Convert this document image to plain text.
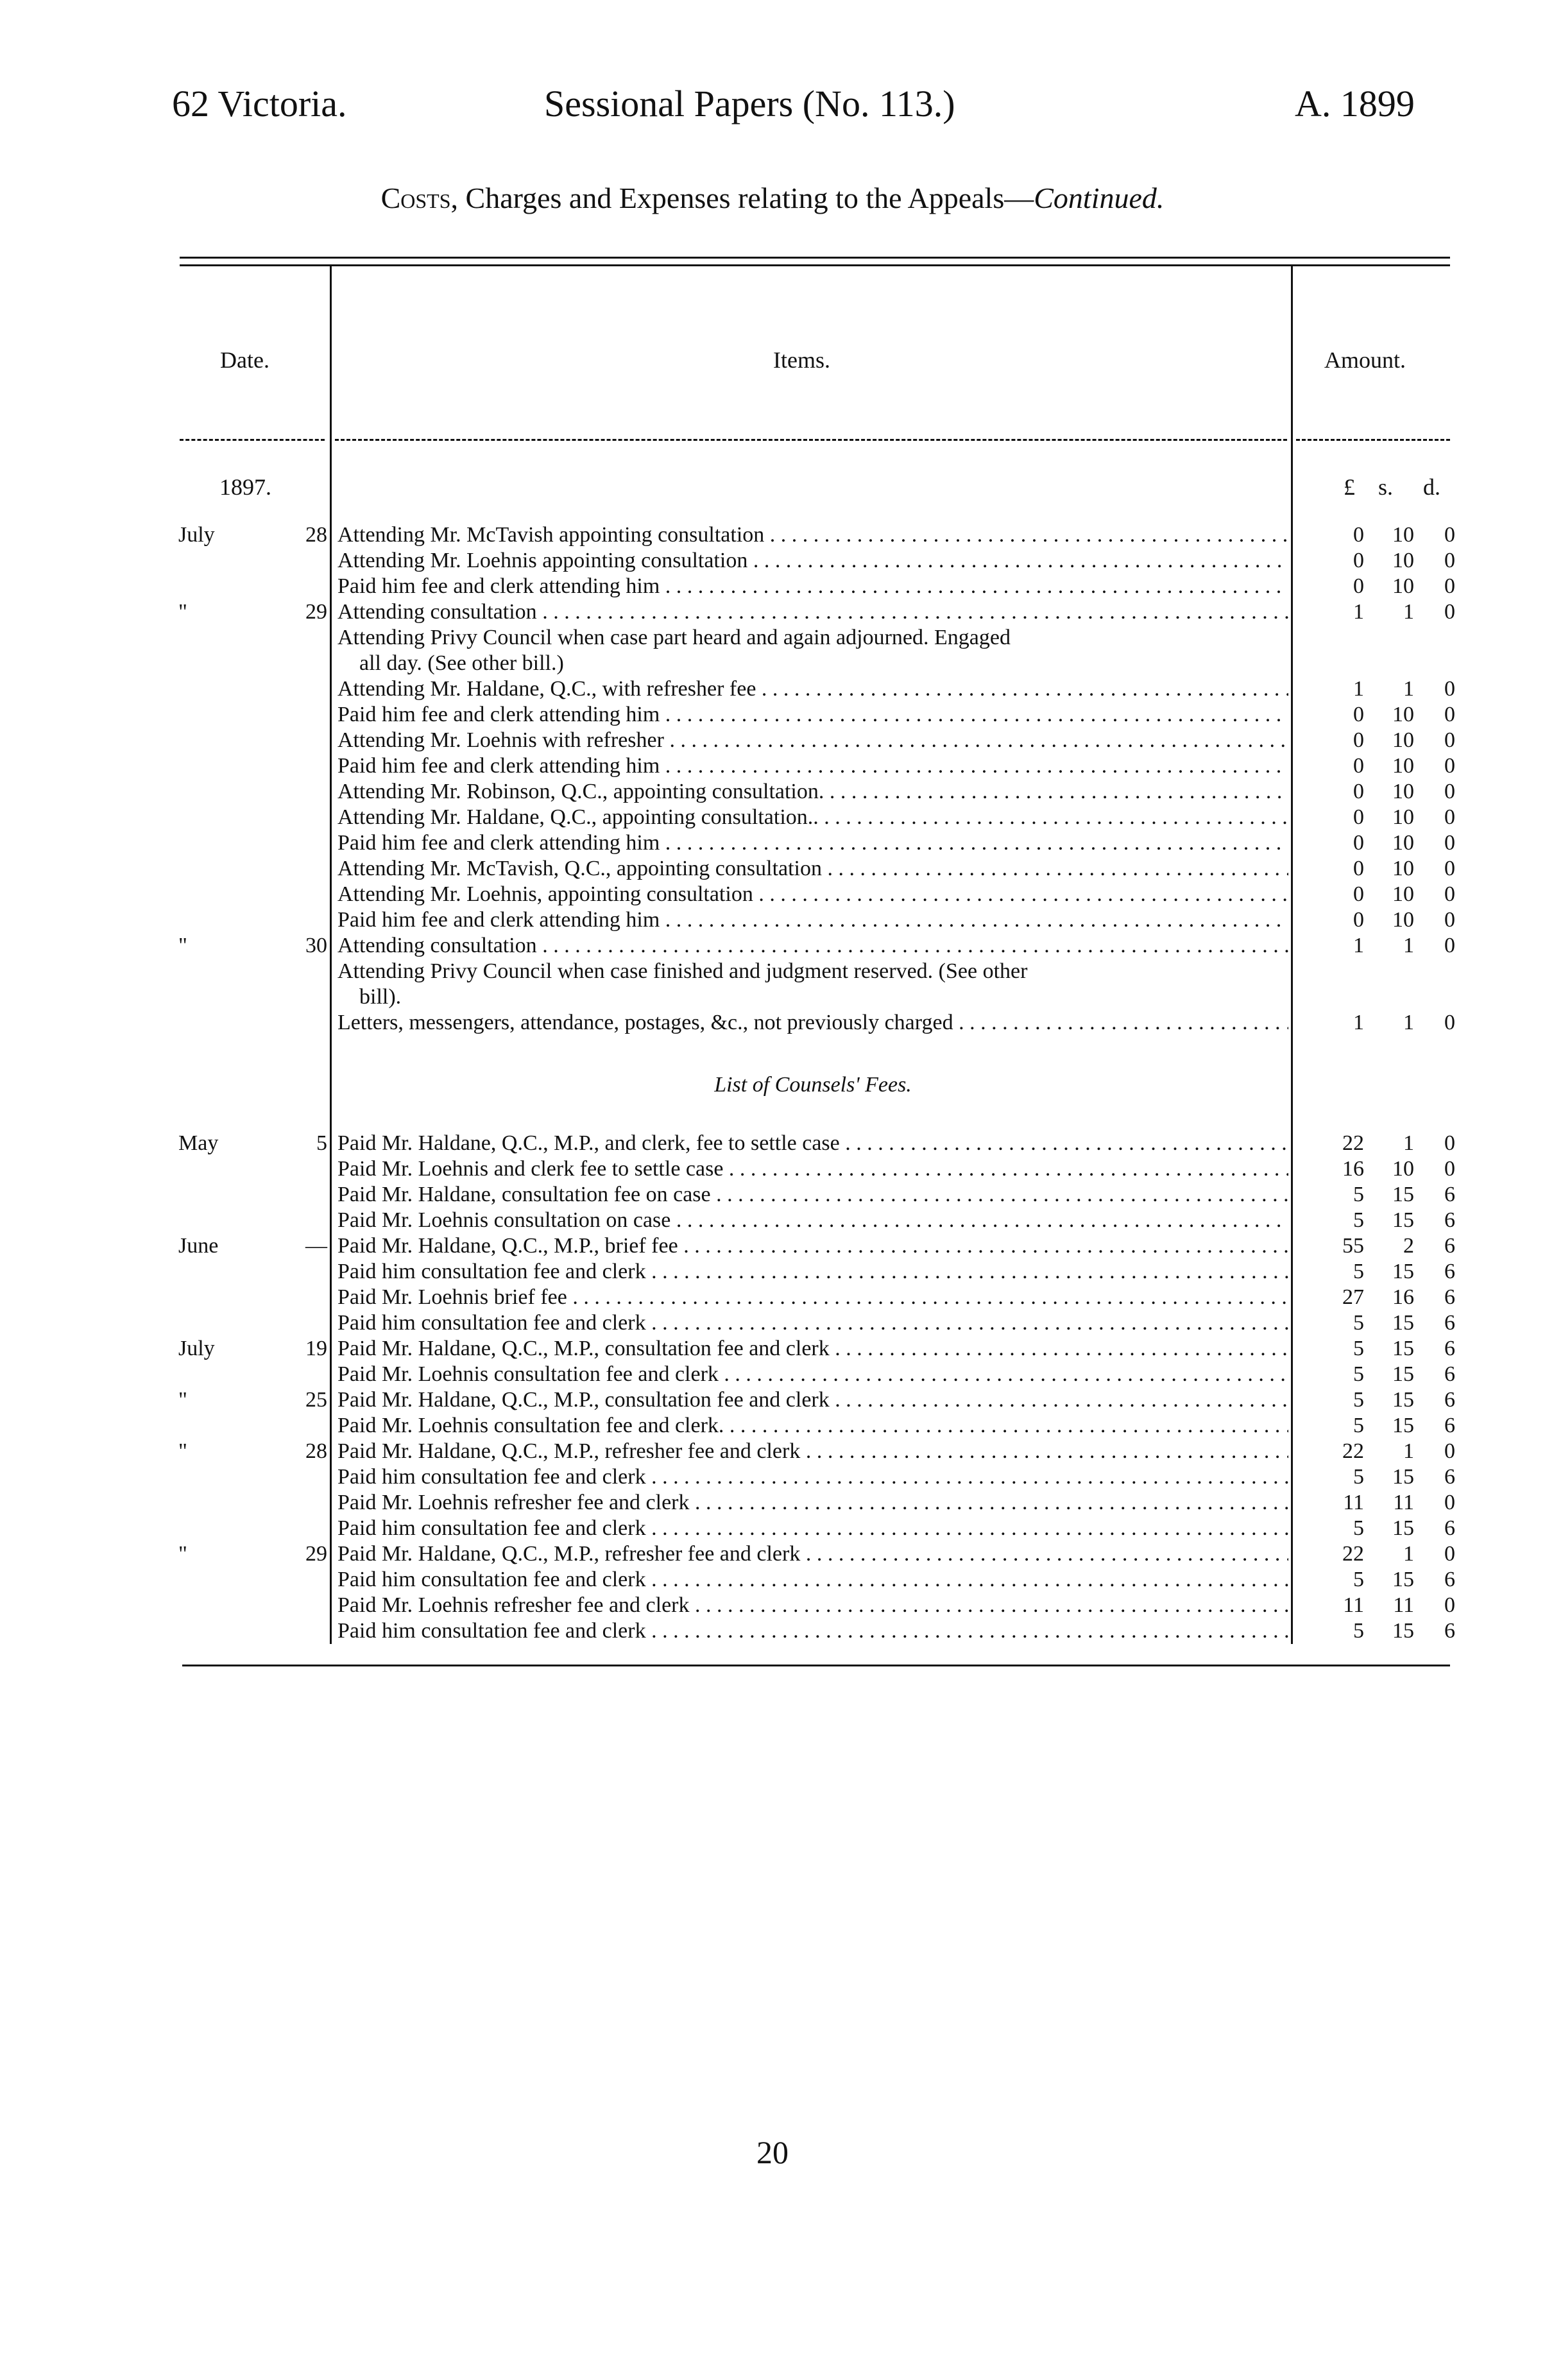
62 Victoria.	Sessional Papers (No. 113.)	A. 1899
Costs, Charges and Expenses relating to the Appeals—Continued.
Date.	Items.	Amount.
1897.	£ s. d.
July	28 Attending Mr. McTavish appointing consultation . . .	0	10	0
Attending Mr. Loehnis appointing consultation . . .	0	10	0
Paid him fee and clerk attending him . . .	0	10	0
"	29 Attending consultation . . .	1	1	0
Attending Privy Council when case part heard and again adjourned. Engaged
all day. (See other bill.)
Attending Mr. Haldane, Q.C., with refresher fee . . .	1	1	0
Paid him fee and clerk attending him . . .	0	10	0
Attending Mr. Loehnis with refresher . . .	0	10	0
Paid him fee and clerk attending him . . .	0	10	0
Attending Mr. Robinson, Q.C., appointing consultation. . . .	0	10	0
Attending Mr. Haldane, Q.C., appointing consultation.. . . .	0	10	0
Paid him fee and clerk attending him . . .	0	10	0
Attending Mr. McTavish, Q.C., appointing consultation . . .	0	10	0
Attending Mr. Loehnis, appointing consultation . . .	0	10	0
Paid him fee and clerk attending him . . .	0	10	0
"	30 Attending consultation . . .	1	1	0
Attending Privy Council when case finished and judgment reserved. (See other
bill).
Letters, messengers, attendance, postages, &c., not previously charged . . .	1	1	0
May	5 Paid Mr. Haldane, Q.C., M.P., and clerk, fee to settle case . . .	22	1	0
Paid Mr. Loehnis and clerk fee to settle case . . .	16	10	0
Paid Mr. Haldane, consultation fee on case . . .	5	15	6
Paid Mr. Loehnis consultation on case . . .	5	15	6
June	— Paid Mr. Haldane, Q.C., M.P., brief fee . . .	55	2	6
Paid him consultation fee and clerk . . .	5	15	6
Paid Mr. Loehnis brief fee . . .	27	16	6
Paid him consultation fee and clerk . . .	5	15	6
July	19 Paid Mr. Haldane, Q.C., M.P., consultation fee and clerk . . .	5	15	6
Paid Mr. Loehnis consultation fee and clerk . . .	5	15	6
"	25 Paid Mr. Haldane, Q.C., M.P., consultation fee and clerk . . .	5	15	6
Paid Mr. Loehnis consultation fee and clerk. . . .	5	15	6
"	28 Paid Mr. Haldane, Q.C., M.P., refresher fee and clerk . . .	22	1	0
Paid him consultation fee and clerk . . .	5	15	6
Paid Mr. Loehnis refresher fee and clerk . . .	11	11	0
Paid him consultation fee and clerk . . .	5	15	6
"	29 Paid Mr. Haldane, Q.C., M.P., refresher fee and clerk . . .	22	1	0
Paid him consultation fee and clerk . . .	5	15	6
Paid Mr. Loehnis refresher fee and clerk . . .	11	11	0
Paid him consultation fee and clerk . . .	5	15	6
List of Counsels' Fees.
20
